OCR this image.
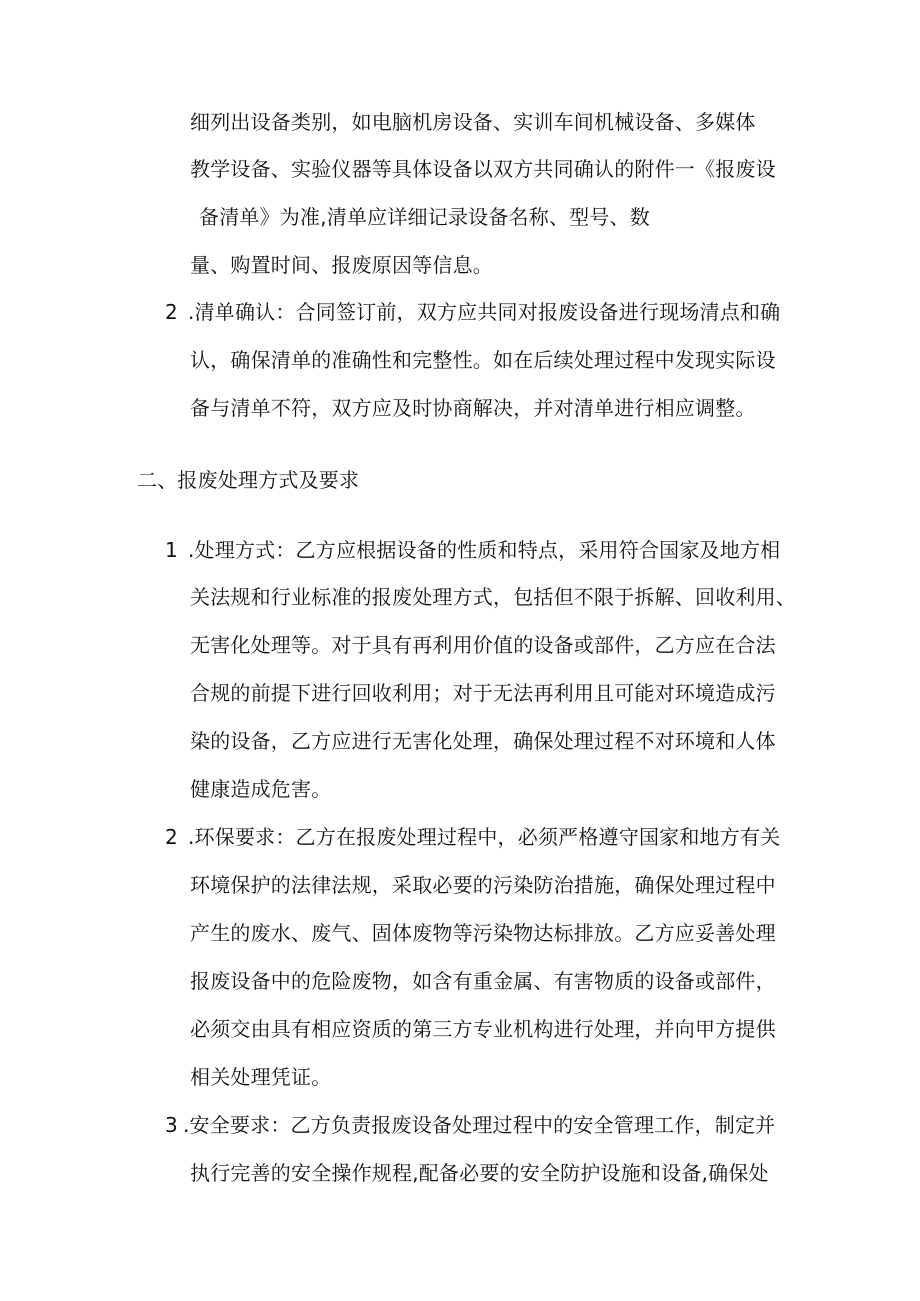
细列出设备类别，如电脑机房设备、实训车间机械设备、多媒体
教学设备、实验仪器等具体设备以双方共同确认的附件一《报废设
备清单》为准,清单应详细记录设备名称、型号、数
量、购置时间、报废原因等信息。
2 .清单确认：合同签订前，双方应共同对报废设备进行现场清点和确
认，确保清单的准确性和完整性。如在后续处理过程中发现实际设
备与清单不符，双方应及时协商解决，并对清单进行相应调整。
二、报废处理方式及要求
1 .处理方式：乙方应根据设备的性质和特点，采用符合国家及地方相
关法规和行业标准的报废处理方式，包括但不限于拆解、回收利用、
无害化处理等。对于具有再利用价值的设备或部件，乙方应在合法
合规的前提下进行回收利用；对于无法再利用且可能对环境造成污
染的设备，乙方应进行无害化处理，确保处理过程不对环境和人体
健康造成危害。
2 .环保要求：乙方在报废处理过程中，必须严格遵守国家和地方有关
环境保护的法律法规，采取必要的污染防治措施，确保处理过程中
产生的废水、废气、固体废物等污染物达标排放。乙方应妥善处理
报废设备中的危险废物，如含有重金属、有害物质的设备或部件，
必须交由具有相应资质的第三方专业机构进行处理，并向甲方提供
相关处理凭证。
3 .安全要求：乙方负责报废设备处理过程中的安全管理工作，制定并
执行完善的安全操作规程,配备必要的安全防护设施和设备,确保处
